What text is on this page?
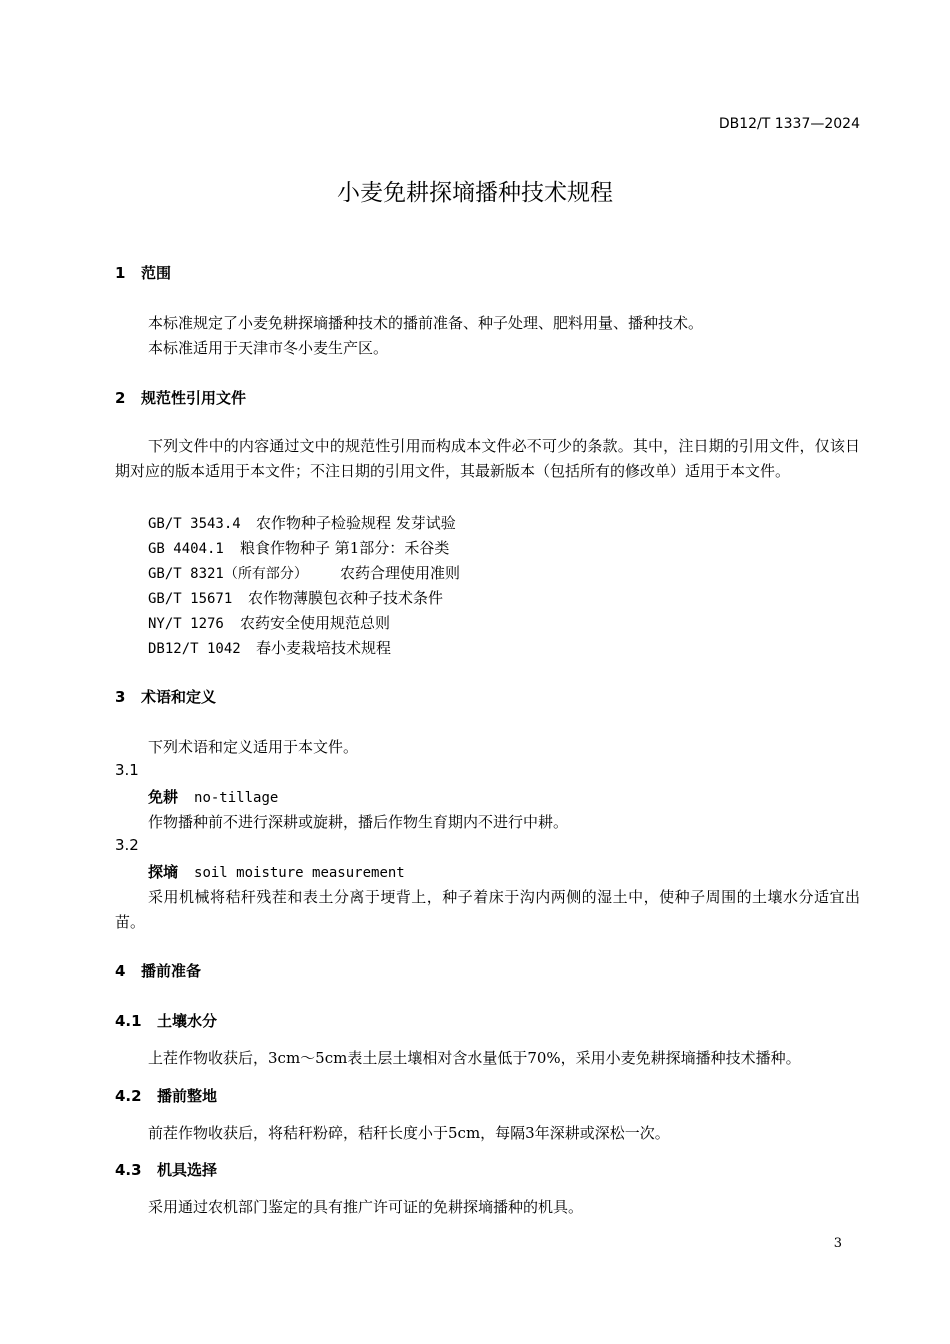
DB12/T 1337—2024
小麦免耕探墒播种技术规程
1 范围
本标准规定了小麦免耕探墒播种技术的播前准备、种子处理、肥料用量、播种技术。
本标准适用于天津市冬小麦生产区。
2 规范性引用文件
下列文件中的内容通过文中的规范性引用而构成本文件必不可少的条款。其中，注日期的引用文件，仅该日期对应的版本适用于本文件；不注日期的引用文件，其最新版本（包括所有的修改单）适用于本文件。
GB/T 3543.4 农作物种子检验规程 发芽试验
GB 4404.1 粮食作物种子 第1部分：禾谷类
GB/T 8321（所有部分） 农药合理使用准则
GB/T 15671 农作物薄膜包衣种子技术条件
NY/T 1276 农药安全使用规范总则
DB12/T 1042 春小麦栽培技术规程
3 术语和定义
下列术语和定义适用于本文件。
3.1
免耕 no-tillage
作物播种前不进行深耕或旋耕，播后作物生育期内不进行中耕。
3.2
探墒 soil moisture measurement
采用机械将秸秆残茬和表土分离于埂背上，种子着床于沟内两侧的湿土中，使种子周围的土壤水分适宜出苗。
4 播前准备
4.1 土壤水分
上茬作物收获后，3cm～5cm表土层土壤相对含水量低于70%，采用小麦免耕探墒播种技术播种。
4.2 播前整地
前茬作物收获后，将秸秆粉碎，秸秆长度小于5cm，每隔3年深耕或深松一次。
4.3 机具选择
采用通过农机部门鉴定的具有推广许可证的免耕探墒播种的机具。
3
